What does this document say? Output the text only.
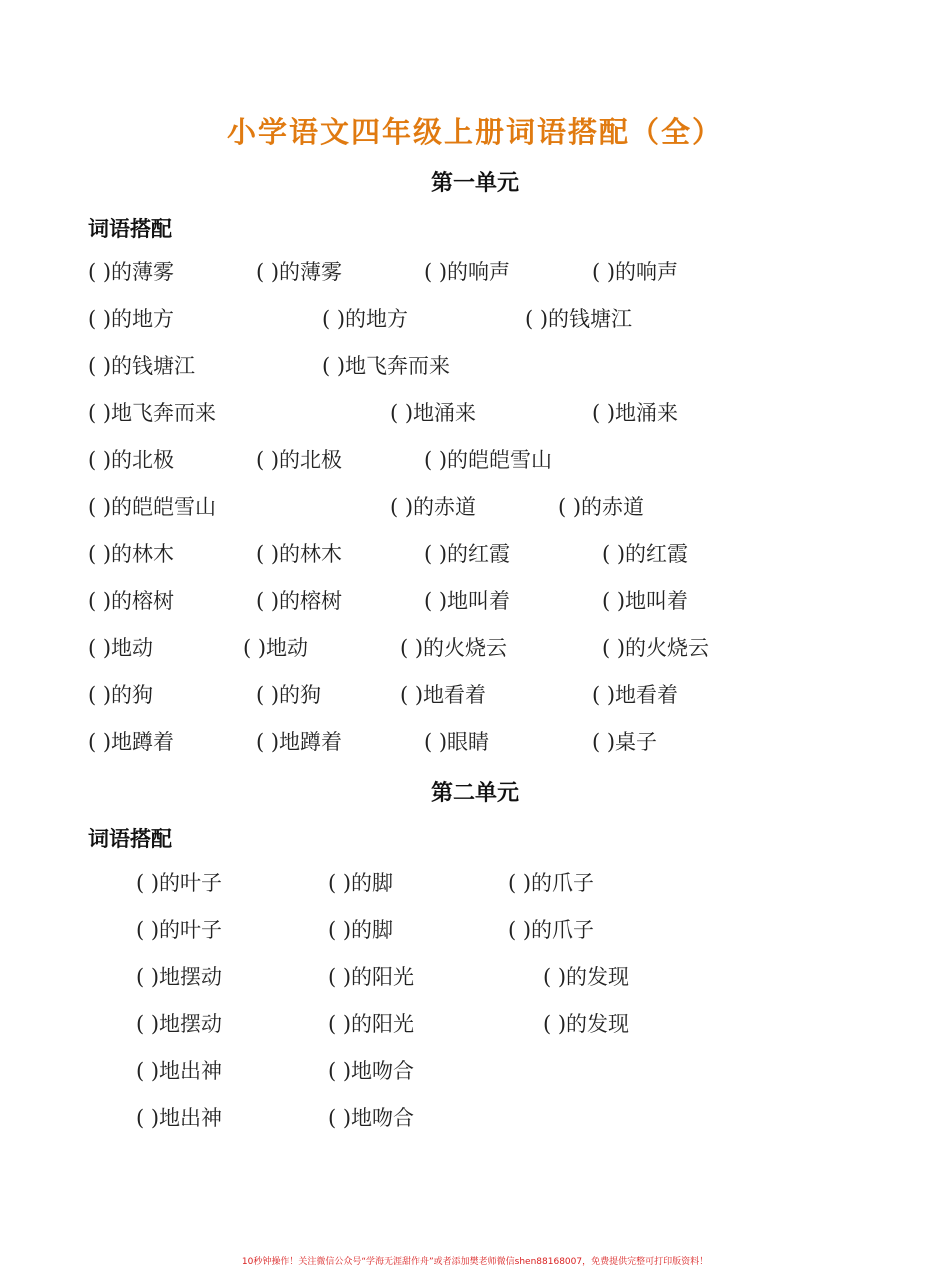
小学语文四年级上册词语搭配（全）
第一单元
词语搭配
( )的薄雾	( )的薄雾	( )的响声	( )的响声
( )的地方	( )的地方	( )的钱塘江
( )的钱塘江	( )地飞奔而来
( )地飞奔而来	( )地涌来	( )地涌来
( )的北极	( )的北极	( )的皑皑雪山
( )的皑皑雪山	( )的赤道	( )的赤道
( )的林木	( )的林木	( )的红霞	( )的红霞
( )的榕树	( )的榕树	( )地叫着	( )地叫着
( )地动	( )地动	( )的火烧云	( )的火烧云
( )的狗	( )的狗	( )地看着	( )地看着
( )地蹲着	( )地蹲着	( )眼睛	( )桌子
第二单元
词语搭配
( )的叶子	( )的脚	( )的爪子
( )的叶子	( )的脚	( )的爪子
( )地摆动	( )的阳光	( )的发现
( )地摆动	( )的阳光	( )的发现
( )地出神	( )地吻合
( )地出神	( )地吻合
10秒钟操作！关注微信公众号“学海无涯甜作舟”或者添加樊老师微信shen88168007，免费提供完整可打印版资料！
